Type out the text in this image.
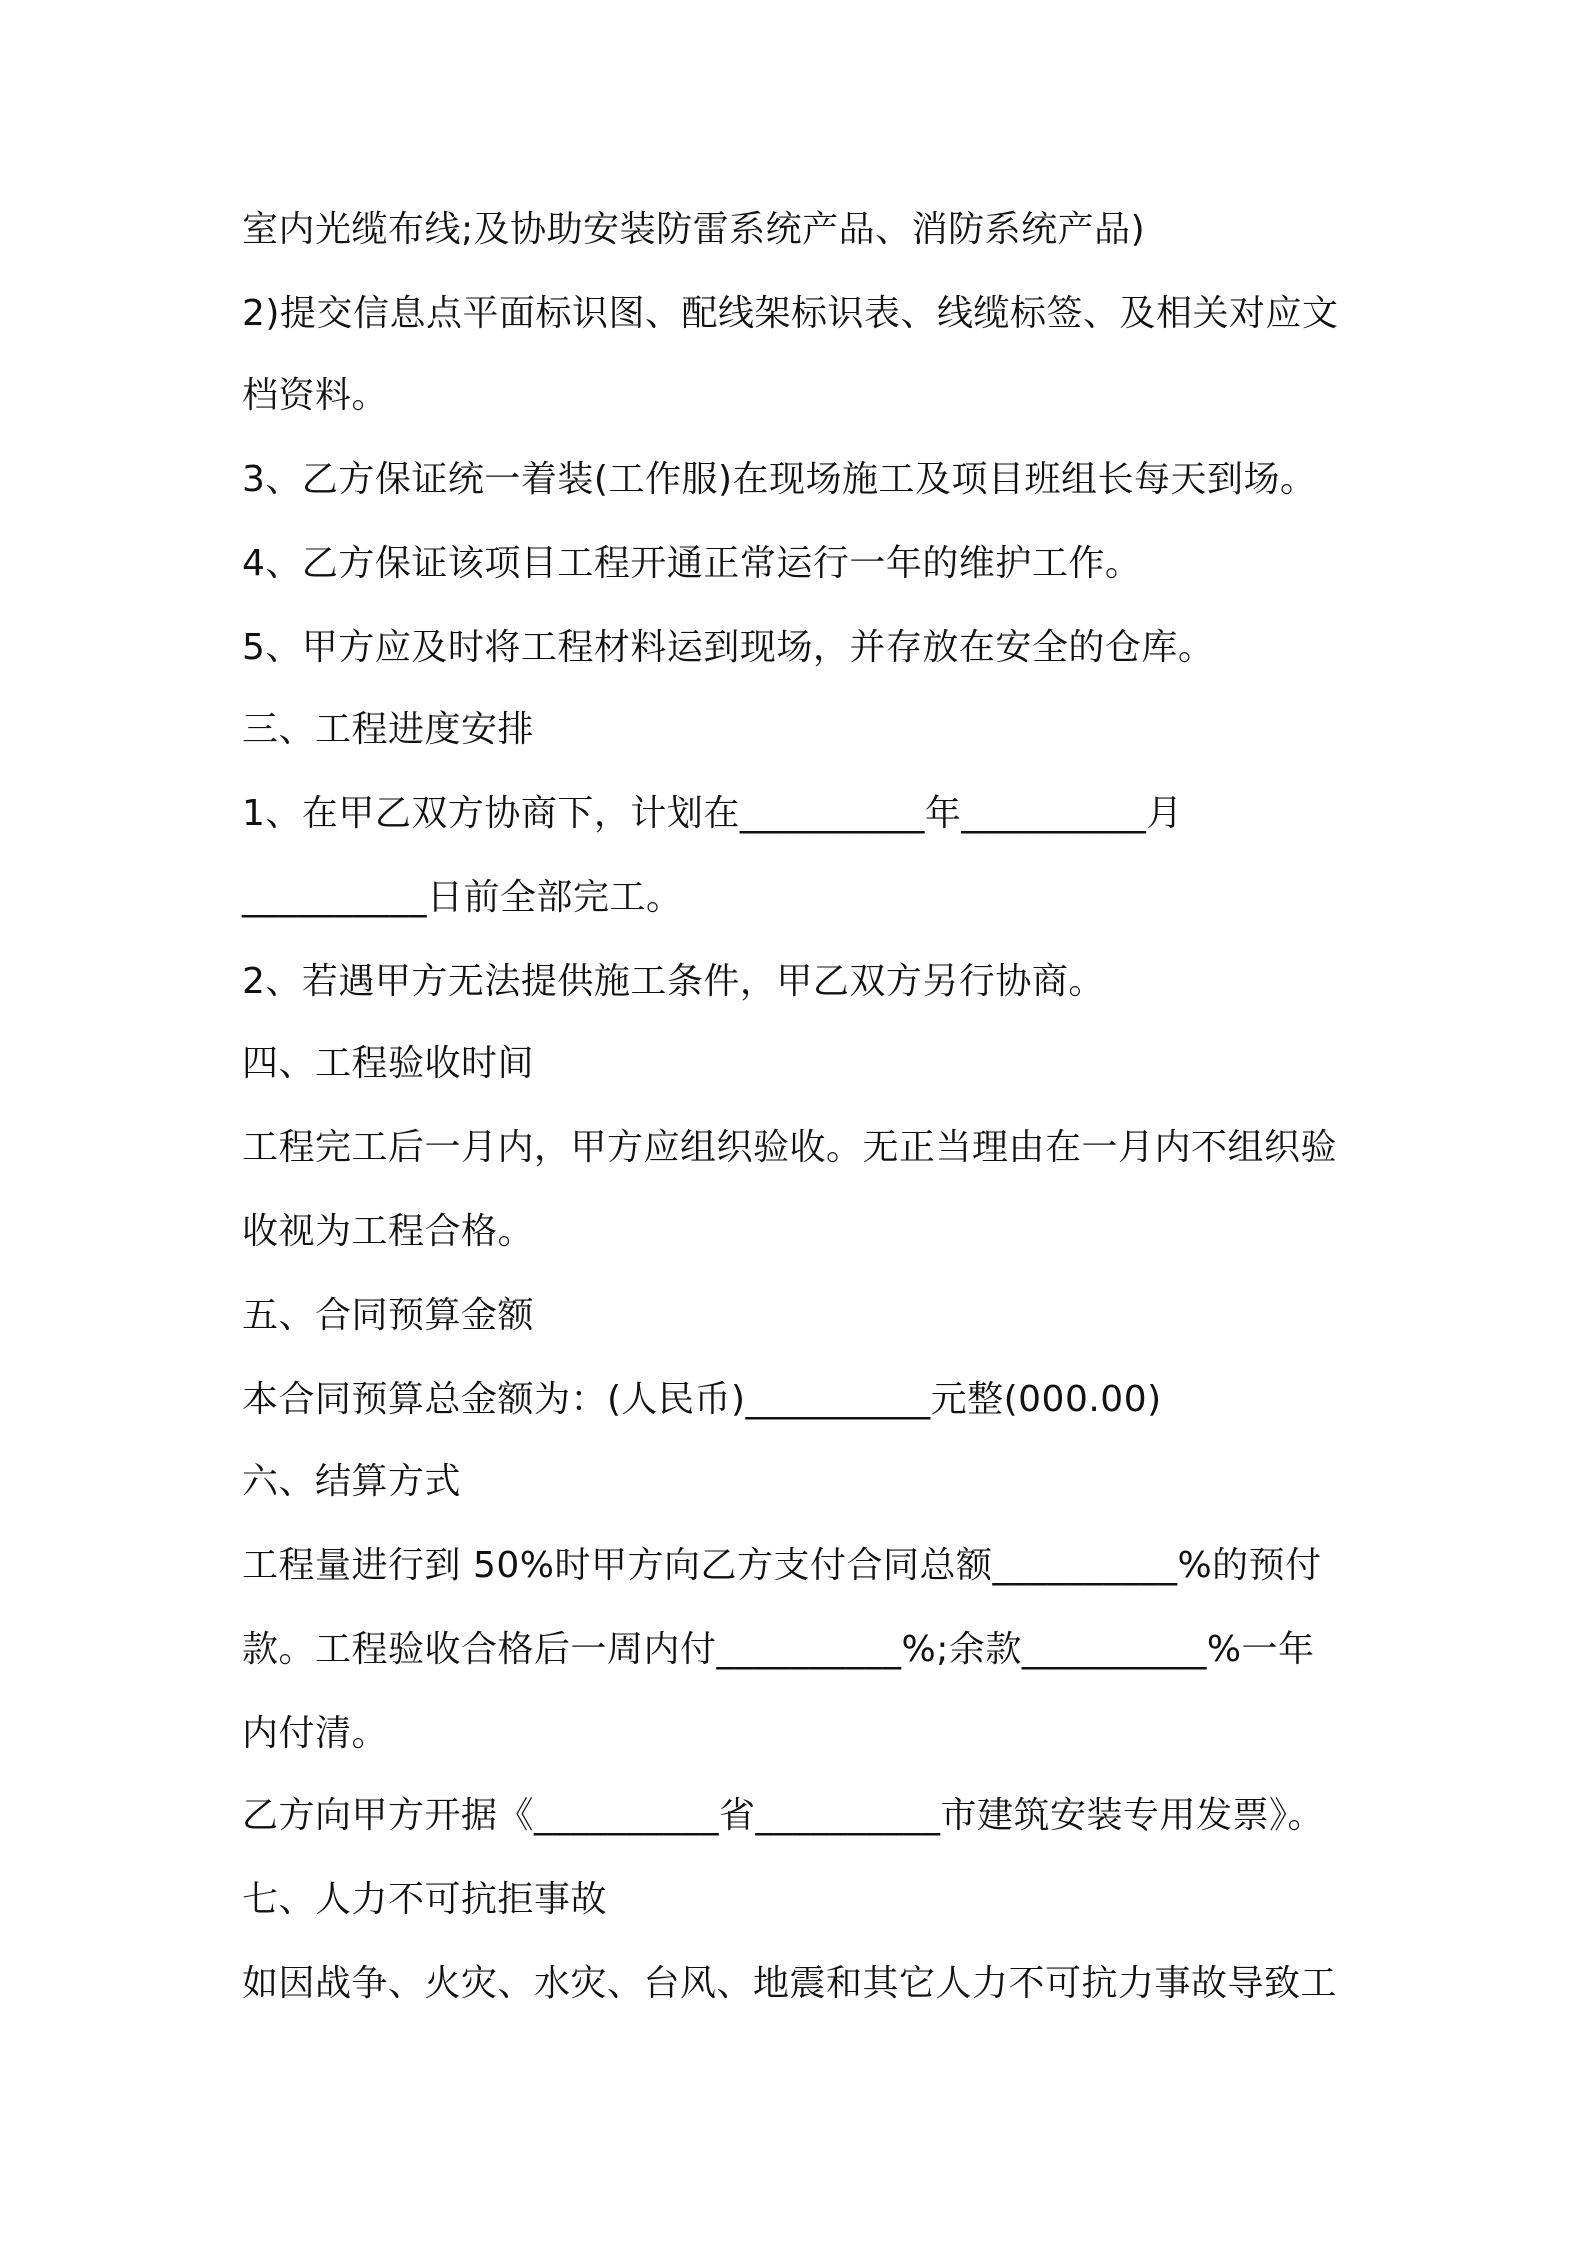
室内光缆布线;及协助安装防雷系统产品、消防系统产品)
2)提交信息点平面标识图、配线架标识表、线缆标签、及相关对应文
档资料。
3、乙方保证统一着装(工作服)在现场施工及项目班组长每天到场。
4、乙方保证该项目工程开通正常运行一年的维护工作。
5、甲方应及时将工程材料运到现场，并存放在安全的仓库。
三、工程进度安排
1、在甲乙双方协商下，计划在__________年__________月
__________日前全部完工。
2、若遇甲方无法提供施工条件，甲乙双方另行协商。
四、工程验收时间
工程完工后一月内，甲方应组织验收。无正当理由在一月内不组织验
收视为工程合格。
五、合同预算金额
本合同预算总金额为：(人民币)__________元整(000.00)
六、结算方式
工程量进行到 50%时甲方向乙方支付合同总额__________%的预付
款。工程验收合格后一周内付__________%;余款__________%一年
内付清。
乙方向甲方开据《__________省__________市建筑安装专用发票》。
七、人力不可抗拒事故
如因战争、火灾、水灾、台风、地震和其它人力不可抗力事故导致工
